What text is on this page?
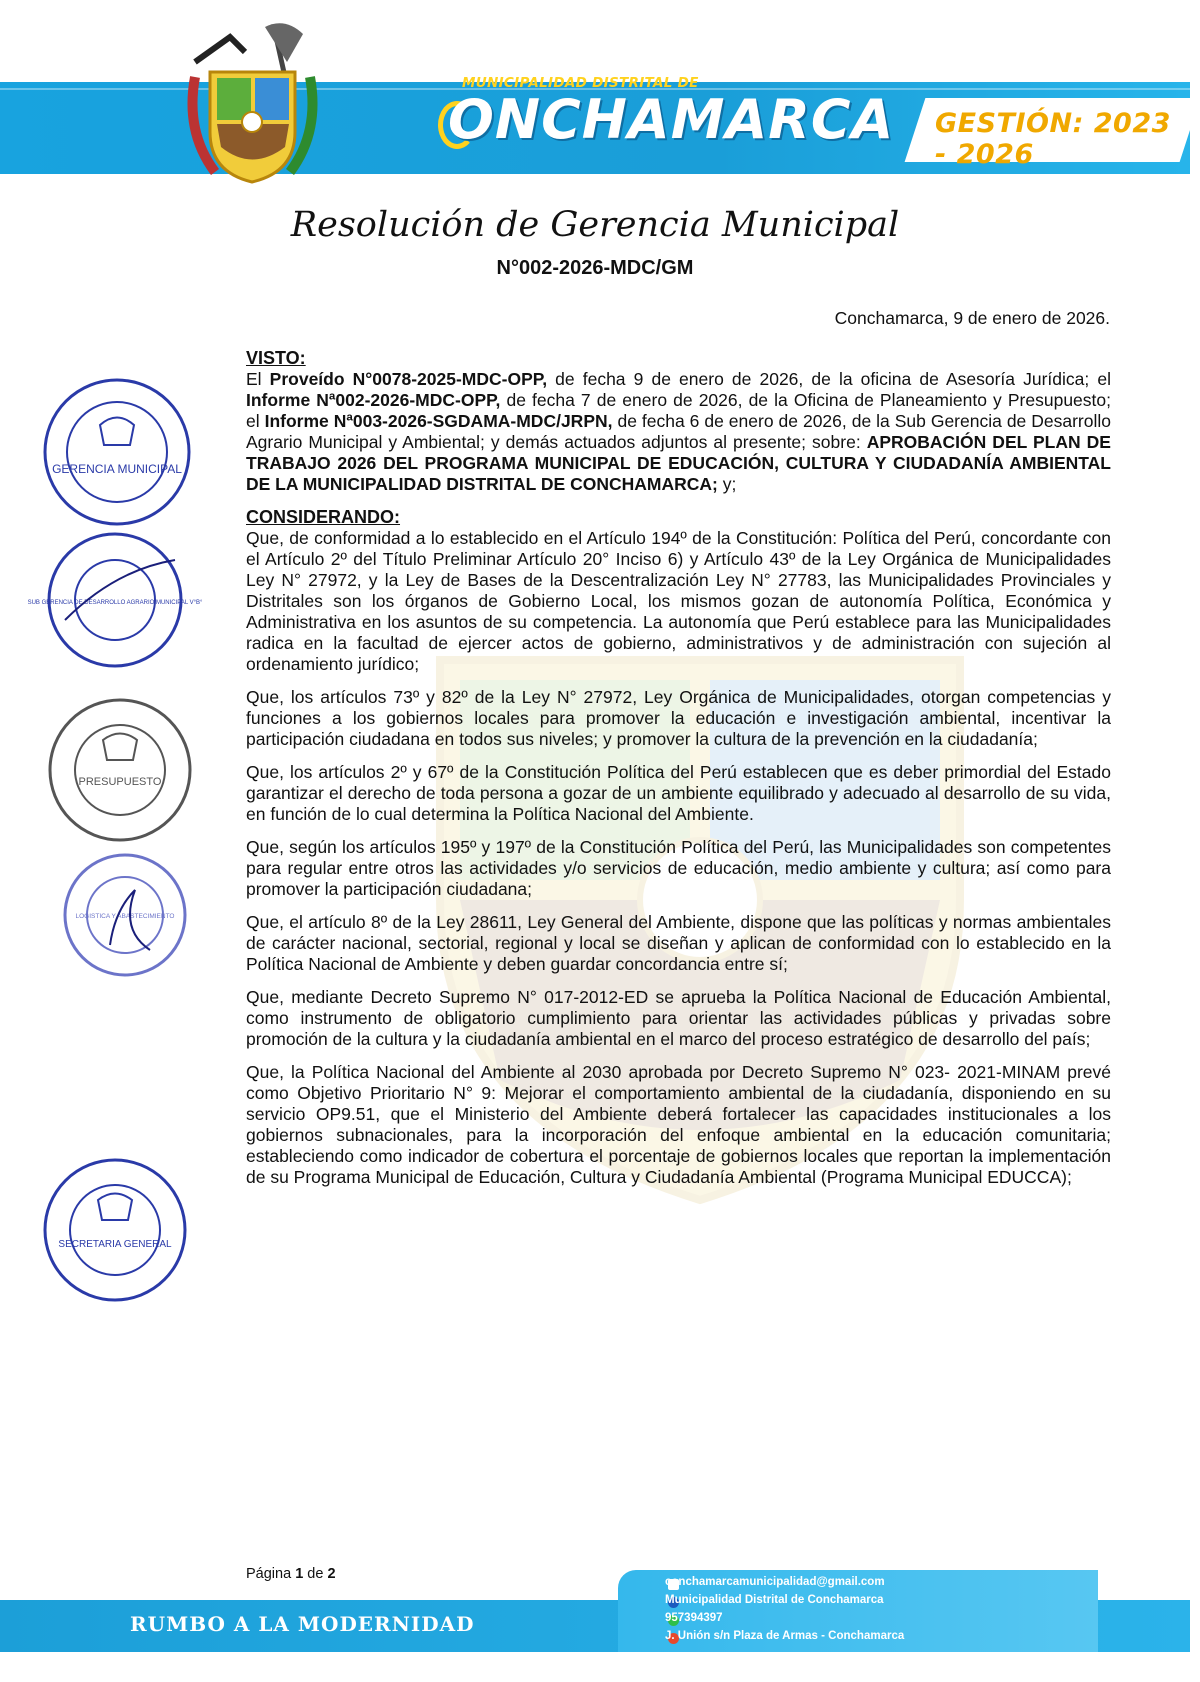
MUNICIPALIDAD DISTRITAL DE
ONCHAMARCA GESTIÓN: 2023 - 2026
Resolución de Gerencia Municipal
N°002-2026-MDC/GM
Conchamarca, 9 de enero de 2026.
GERENCIA MUNICIPAL
SUB GERENCIA DE DESARROLLO AGRARIO MUNICIPAL V°B°
PRESUPUESTO
LOGISTICA Y ABASTECIMIENTO
SECRETARIA GENERAL
VISTO:

El Proveído N°0078-2025-MDC-OPP, de fecha 9 de enero de 2026, de la oficina de Asesoría Jurídica; el Informe Nª002-2026-MDC-OPP, de fecha 7 de enero de 2026, de la Oficina de Planeamiento y Presupuesto; el Informe Nª003-2026-SGDAMA-MDC/JRPN, de fecha 6 de enero de 2026, de la Sub Gerencia de Desarrollo Agrario Municipal y Ambiental; y demás actuados adjuntos al presente; sobre: APROBACIÓN DEL PLAN DE TRABAJO 2026 DEL PROGRAMA MUNICIPAL DE EDUCACIÓN, CULTURA Y CIUDADANÍA AMBIENTAL DE LA MUNICIPALIDAD DISTRITAL DE CONCHAMARCA; y;

CONSIDERANDO:

Que, de conformidad a lo establecido en el Artículo 194º de la Constitución: Política del Perú, concordante con el Artículo 2º del Título Preliminar Artículo 20° Inciso 6) y Artículo 43º de la Ley Orgánica de Municipalidades Ley N° 27972, y la Ley de Bases de la Descentralización Ley N° 27783, las Municipalidades Provinciales y Distritales son los órganos de Gobierno Local, los mismos gozan de autonomía Política, Económica y Administrativa en los asuntos de su competencia. La autonomía que Perú establece para las Municipalidades radica en la facultad de ejercer actos de gobierno, administrativos y de administración con sujeción al ordenamiento jurídico;

Que, los artículos 73º y 82º de la Ley N° 27972, Ley Orgánica de Municipalidades, otorgan competencias y funciones a los gobiernos locales para promover la educación e investigación ambiental, incentivar la participación ciudadana en todos sus niveles; y promover la cultura de la prevención en la ciudadanía;

Que, los artículos 2º y 67º de la Constitución Política del Perú establecen que es deber primordial del Estado garantizar el derecho de toda persona a gozar de un ambiente equilibrado y adecuado al desarrollo de su vida, en función de lo cual determina la Política Nacional del Ambiente.

Que, según los artículos 195º y 197º de la Constitución Política del Perú, las Municipalidades son competentes para regular entre otros las actividades y/o servicios de educación, medio ambiente y cultura; así como para promover la participación ciudadana;

Que, el artículo 8º de la Ley 28611, Ley General del Ambiente, dispone que las políticas y normas ambientales de carácter nacional, sectorial, regional y local se diseñan y aplican de conformidad con lo establecido en la Política Nacional de Ambiente y deben guardar concordancia entre sí;

Que, mediante Decreto Supremo N° 017-2012-ED se aprueba la Política Nacional de Educación Ambiental, como instrumento de obligatorio cumplimiento para orientar las actividades públicas y privadas sobre promoción de la cultura y la ciudadanía ambiental en el marco del proceso estratégico de desarrollo del país;

Que, la Política Nacional del Ambiente al 2030 aprobada por Decreto Supremo N° 023- 2021-MINAM prevé como Objetivo Prioritario N° 9: Mejorar el comportamiento ambiental de la ciudadanía, disponiendo en su servicio OP9.51, que el Ministerio del Ambiente deberá fortalecer las capacidades institucionales a los gobiernos subnacionales, para la incorporación del enfoque ambiental en la educación comunitaria; estableciendo como indicador de cobertura el porcentaje de gobiernos locales que reportan la implementación de su Programa Municipal de Educación, Cultura y Ciudadanía Ambiental (Programa Municipal EDUCCA);

Página 1 de 2
RUMBO A LA MODERNIDAD
conchamarcamunicipalidad@gmail.com
Municipalidad Distrital de Conchamarca
957394397
J. Unión s/n Plaza de Armas - Conchamarca
